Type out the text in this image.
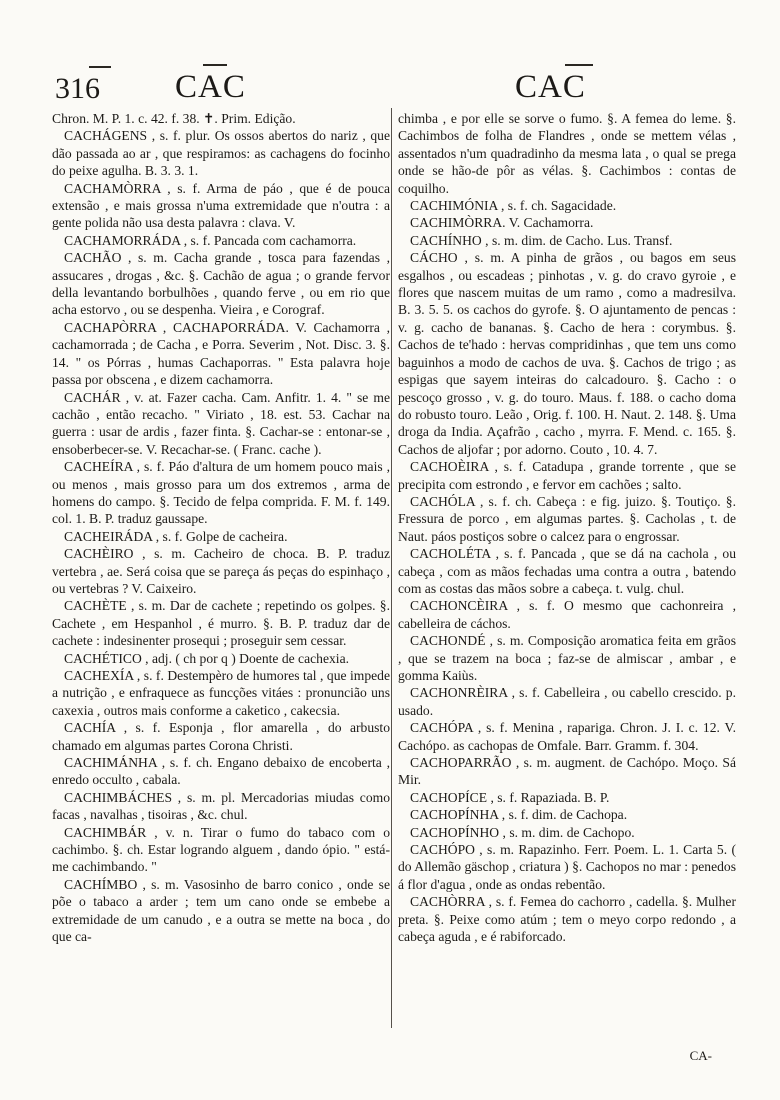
316 CAC	CAC

Chron. M. P. 1. c. 42. f. 38. ✝. Prim. Edição.

CACHÁGENS , s. f. plur. Os ossos abertos do nariz , que dão passada ao ar , que respiramos: as cachagens do focinho do peixe agulha. B. 3. 3. 1.

CACHAMÒRRA , s. f. Arma de páo , que é de pouca extensão , e mais grossa n'uma extremidade que n'outra : a gente polida não usa desta palavra : clava. V.

CACHAMORRÁDA , s. f. Pancada com cachamorra.

CACHÃO , s. m. Cacha grande , tosca para fazendas , assucares , drogas , &c. §. Cachão de agua ; o grande fervor della levantando borbulhões , quando ferve , ou em rio que acha estorvo , ou se despenha. Vieira , e Corograf.

CACHAPÒRRA , CACHAPORRÁDA. V. Cachamorra , cachamorrada ; de Cacha , e Porra. Severim , Not. Disc. 3. §. 14. " os Pórras , humas Cachaporras. " Esta palavra hoje passa por obscena , e dizem cachamorra.

CACHÁR , v. at. Fazer cacha. Cam. Anfitr. 1. 4. " se me cachão , então recacho. " Viriato , 18. est. 53. Cachar na guerra : usar de ardis , fazer finta. §. Cachar-se : entonar-se , ensoberbecer-se. V. Recachar-se. ( Franc. cache ).

CACHEÍRA , s. f. Páo d'altura de um homem pouco mais , ou menos , mais grosso para um dos extremos , arma de homens do campo. §. Tecido de felpa comprida. F. M. f. 149. col. 1. B. P. traduz gaussape.

CACHEIRÁDA , s. f. Golpe de cacheira.

CACHÈIRO , s. m. Cacheiro de choca. B. P. traduz vertebra , ae. Será coisa que se pareça ás peças do espinhaço , ou vertebras ? V. Caixeiro.

CACHÈTE , s. m. Dar de cachete ; repetindo os golpes. §. Cachete , em Hespanhol , é murro. §. B. P. traduz dar de cachete : indesinenter prosequi ; proseguir sem cessar.

CACHÉTICO , adj. ( ch por q ) Doente de cachexia.

CACHEXÍA , s. f. Destempèro de humores tal , que impede a nutrição , e enfraquece as funcções vitáes : pronuncião uns caxexia , outros mais conforme a caketico , cakecsia.

CACHÍA , s. f. Esponja , flor amarella , do arbusto chamado em algumas partes Corona Christi.

CACHIMÁNHA , s. f. ch. Engano debaixo de encoberta , enredo occulto , cabala.

CACHIMBÁCHES , s. m. pl. Mercadorias miudas como facas , navalhas , tisoiras , &c. chul.

CACHIMBÁR , v. n. Tirar o fumo do tabaco com o cachimbo. §. ch. Estar logrando alguem , dando ópio. " está-me cachimbando. "

CACHÍMBO , s. m. Vasosinho de barro conico , onde se põe o tabaco a arder ; tem um cano onde se embebe a extremidade de um canudo , e a outra se mette na boca , do que ca-

chimba , e por elle se sorve o fumo. §. A femea do leme. §. Cachimbos de folha de Flandres , onde se mettem vélas , assentados n'um quadradinho da mesma lata , o qual se prega onde se hão-de pôr as vélas. §. Cachimbos : contas de coquilho.

CACHIMÓNIA , s. f. ch. Sagacidade.

CACHIMÒRRA. V. Cachamorra.

CACHÍNHO , s. m. dim. de Cacho. Lus. Transf.

CÁCHO , s. m. A pinha de grãos , ou bagos em seus esgalhos , ou escadeas ; pinhotas , v. g. do cravo gyroie , e flores que nascem muitas de um ramo , como a madresilva. B. 3. 5. 5. os cachos do gyrofe. §. O ajuntamento de pencas : v. g. cacho de bananas. §. Cacho de hera : corymbus. §. Cachos de te'hado : hervas compridinhas , que tem uns como baguinhos a modo de cachos de uva. §. Cachos de trigo ; as espigas que sayem inteiras do calcadouro. §. Cacho : o pescoço grosso , v. g. do touro. Maus. f. 188. o cacho doma do robusto touro. Leão , Orig. f. 100. H. Naut. 2. 148. §. Uma droga da India. Açafrão , cacho , myrra. F. Mend. c. 165. §. Cachos de aljofar ; por adorno. Couto , 10. 4. 7.

CACHOÈIRA , s. f. Catadupa , grande torrente , que se precipita com estrondo , e fervor em cachões ; salto.

CACHÓLA , s. f. ch. Cabeça : e fig. juizo. §. Toutiço. §. Fressura de porco , em algumas partes. §. Cacholas , t. de Naut. páos postiços sobre o calcez para o engrossar.

CACHOLÉTA , s. f. Pancada , que se dá na cachola , ou cabeça , com as mãos fechadas uma contra a outra , batendo com as costas das mãos sobre a cabeça. t. vulg. chul.

CACHONCÈIRA , s. f. O mesmo que cachonreira , cabelleira de cáchos.

CACHONDÉ , s. m. Composição aromatica feita em grãos , que se trazem na boca ; faz-se de almiscar , ambar , e gomma Kaiùs.

CACHONRÈIRA , s. f. Cabelleira , ou cabello crescido. p. usado.

CACHÓPA , s. f. Menina , rapariga. Chron. J. I. c. 12. V. Cachópo. as cachopas de Omfale. Barr. Gramm. f. 304.

CACHOPARRÃO , s. m. augment. de Cachópo. Moço. Sá Mir.

CACHOPÍCE , s. f. Rapaziada. B. P.

CACHOPÍNHA , s. f. dim. de Cachopa.

CACHOPÍNHO , s. m. dim. de Cachopo.

CACHÓPO , s. m. Rapazinho. Ferr. Poem. L. 1. Carta 5. ( do Allemão gäschop , criatura ) §. Cachopos no mar : penedos á flor d'agua , onde as ondas rebentão.

CACHÒRRA , s. f. Femea do cachorro , cadella. §. Mulher preta. §. Peixe como atúm ; tem o meyo corpo redondo , a cabeça aguda , e é rabiforcado.

CA-
